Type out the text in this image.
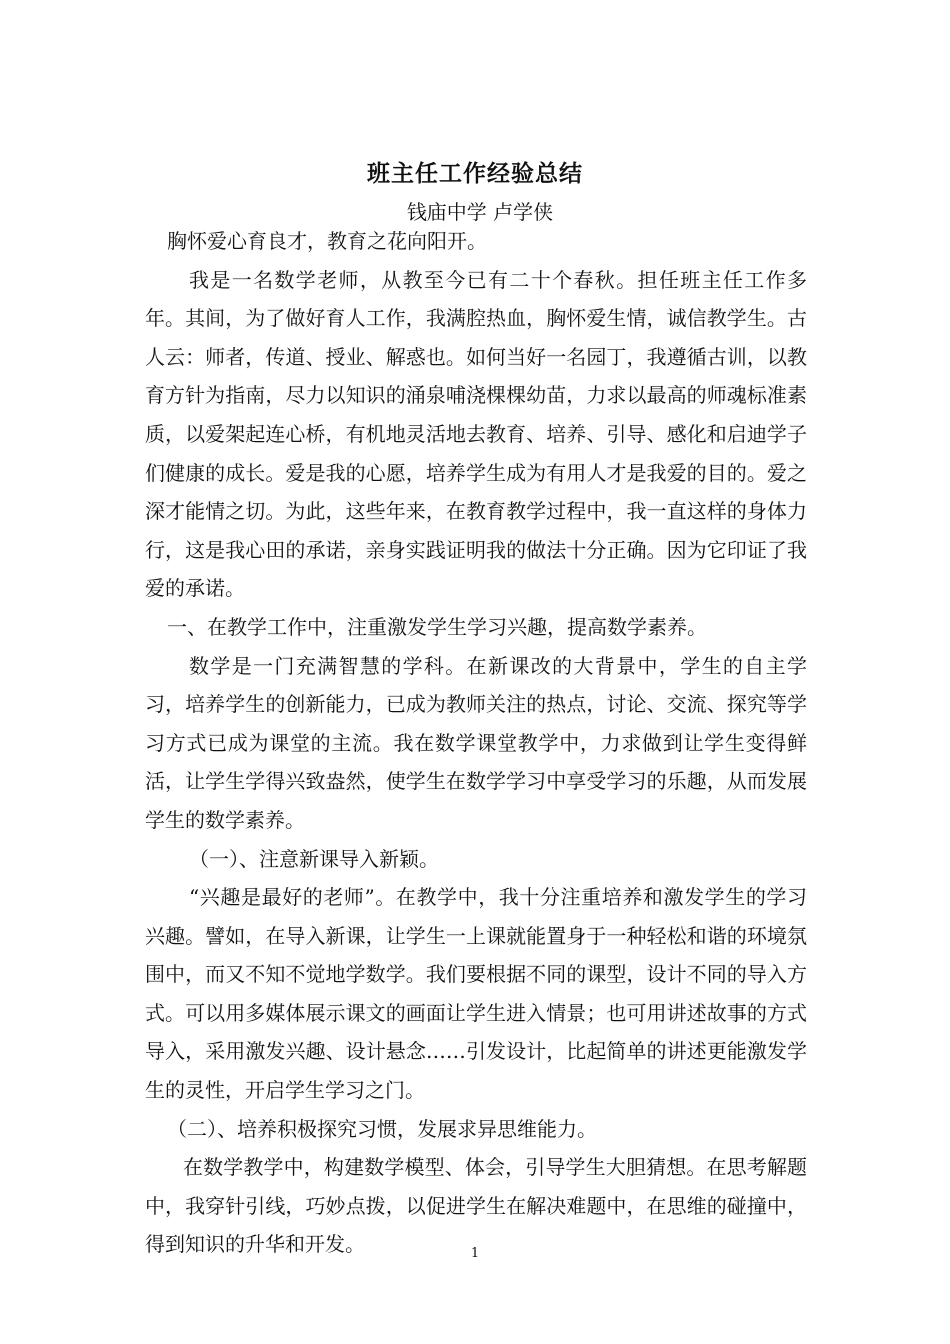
班主任工作经验总结
钱庙中学 卢学侠

胸怀爱心育良才，教育之花向阳开。

我是一名数学老师，从教至今已有二十个春秋。担任班主任工作多年。其间，为了做好育人工作，我满腔热血，胸怀爱生情，诚信教学生。古人云：师者，传道、授业、解惑也。如何当好一名园丁，我遵循古训，以教育方针为指南，尽力以知识的涌泉哺浇棵棵幼苗，力求以最高的师魂标准素质，以爱架起连心桥，有机地灵活地去教育、培养、引导、感化和启迪学子们健康的成长。爱是我的心愿，培养学生成为有用人才是我爱的目的。爱之深才能情之切。为此，这些年来，在教育教学过程中，我一直这样的身体力行，这是我心田的承诺，亲身实践证明我的做法十分正确。因为它印证了我爱的承诺。

一、在教学工作中，注重激发学生学习兴趣，提高数学素养。

数学是一门充满智慧的学科。在新课改的大背景中，学生的自主学习，培养学生的创新能力，已成为教师关注的热点，讨论、交流、探究等学习方式已成为课堂的主流。我在数学课堂教学中，力求做到让学生变得鲜活，让学生学得兴致盎然，使学生在数学学习中享受学习的乐趣，从而发展学生的数学素养。

（一）、注意新课导入新颖。

“兴趣是最好的老师”。在教学中，我十分注重培养和激发学生的学习兴趣。譬如，在导入新课，让学生一上课就能置身于一种轻松和谐的环境氛围中，而又不知不觉地学数学。我们要根据不同的课型，设计不同的导入方式。可以用多媒体展示课文的画面让学生进入情景；也可用讲述故事的方式导入，采用激发兴趣、设计悬念……引发设计，比起简单的讲述更能激发学生的灵性，开启学生学习之门。

（二）、培养积极探究习惯，发展求异思维能力。

在数学教学中，构建数学模型、体会，引导学生大胆猜想。在思考解题中，我穿针引线，巧妙点拨，以促进学生在解决难题中，在思维的碰撞中，得到知识的升华和开发。	1
